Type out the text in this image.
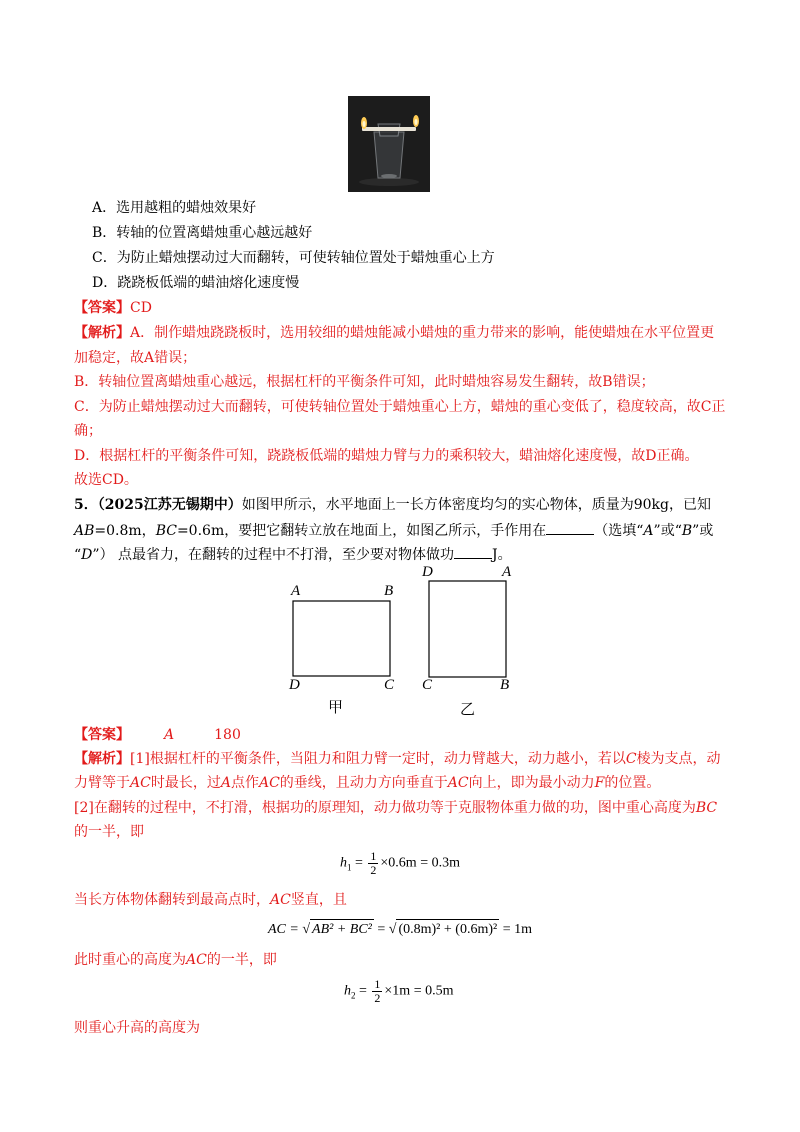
A．选用越粗的蜡烛效果好
B．转轴的位置离蜡烛重心越远越好
C．为防止蜡烛摆动过大而翻转，可使转轴位置处于蜡烛重心上方
D．跷跷板低端的蜡油熔化速度慢
【答案】CD
【解析】A．制作蜡烛跷跷板时，选用较细的蜡烛能减小蜡烛的重力带来的影响，能使蜡烛在水平位置更
加稳定，故A错误；
B．转轴位置离蜡烛重心越远，根据杠杆的平衡条件可知，此时蜡烛容易发生翻转，故B错误；
C．为防止蜡烛摆动过大而翻转，可使转轴位置处于蜡烛重心上方，蜡烛的重心变低了，稳度较高，故C正
确；
D．根据杠杆的平衡条件可知，跷跷板低端的蜡烛力臂与力的乘积较大，蜡油熔化速度慢，故D正确。
故选CD。
5．（2025江苏无锡期中）如图甲所示，水平地面上一长方体密度均匀的实心物体，质量为90kg，已知
AB=0.8m，BC=0.6m，要把它翻转立放在地面上，如图乙所示，手作用在	（选填“A”或“B”或
“D”） 点最省力，在翻转的过程中不打滑，至少要对物体做功	J。
A	B
D	C
甲
D	A
C	B
乙
【答案】 A	180
【解析】[1]根据杠杆的平衡条件，当阻力和阻力臂一定时，动力臂越大，动力越小，若以C棱为支点，动
力臂等于AC时最长，过A点作AC的垂线，且动力方向垂直于AC向上，即为最小动力F的位置。
[2]在翻转的过程中，不打滑，根据功的原理知，动力做功等于克服物体重力做的功，图中重心高度为BC
的一半，即
$h_1 = \frac{1}{2} \times 0.6m = 0.3m$
当长方体物体翻转到最高点时，AC竖直，且
AC = √ AB² + BC² = √ (0.8m)² + (0.6m)² = 1m
此时重心的高度为AC的一半，即
$h_2 = \frac{1}{2} \times 1m = 0.5m$
则重心升高的高度为
